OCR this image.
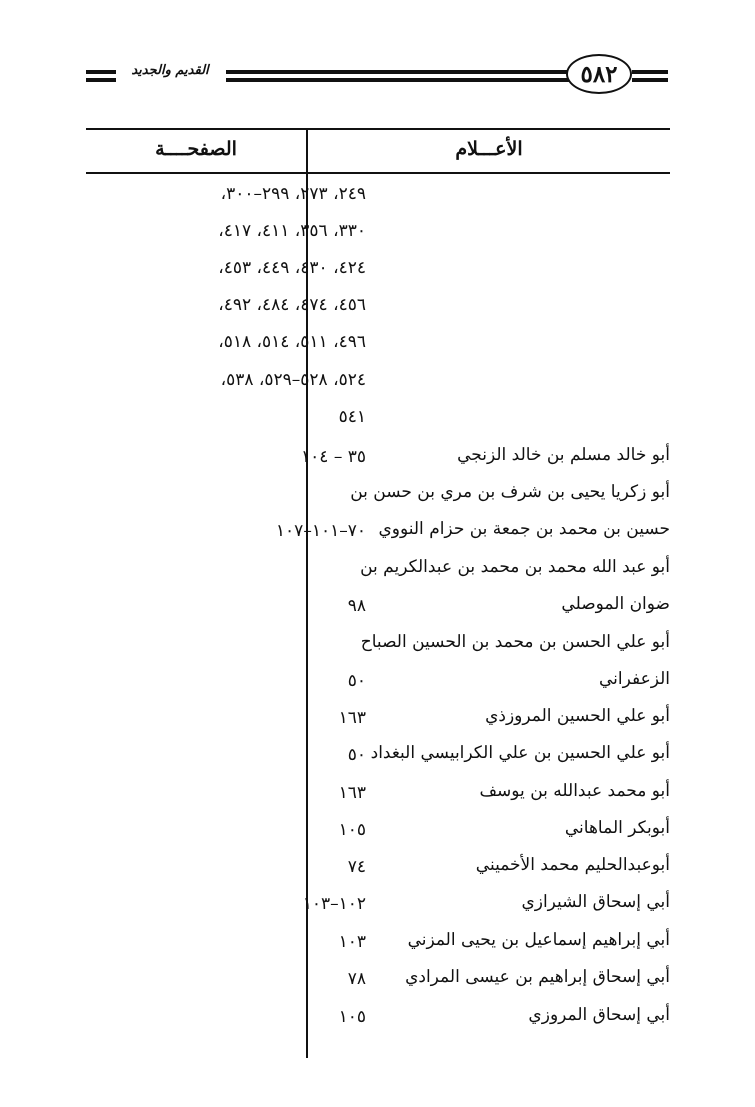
القديم والجديد	٥٨٢
الصفحــــة	الأعـــلام
٢٤٩، ٢٧٣، ٢٩٩–٣٠٠،
٣٣٠، ٣٥٦، ٤١١، ٤١٧،
٤٢٤، ٤٣٠، ٤٤٩، ٤٥٣،
٤٥٦، ٤٧٤، ٤٨٤، ٤٩٢،
٤٩٦، ٥١١، ٥١٤، ٥١٨،
٥٢٤، ٥٢٨–٥٢٩، ٥٣٨،
٥٤١
أبو خالد مسلم بن خالد الزنجي
٣٥ – ١٠٤
أبو زكريا يحيى بن شرف بن مري بن حسن بن
حسين بن محمد بن جمعة بن حزام النووي
٧٠–١٠١–١٠٧
أبو عبد الله محمد بن محمد بن عبدالكريم بن
ضوان الموصلي
٩٨
أبو علي الحسن بن محمد بن الحسين الصباح
الزعفراني
٥٠
أبو علي الحسين المروزذي
١٦٣
أبو علي الحسين بن علي الكرابيسي البغداد
٥٠
أبو محمد عبدالله بن يوسف
١٦٣
أبوبكر الماهاني
١٠٥
أبوعبدالحليم محمد الأخميني
٧٤
أبي إسحاق الشيرازي
١٠٢–١٠٣
أبي إبراهيم إسماعيل بن يحيى المزني
١٠٣
أبي إسحاق إبراهيم بن عيسى المرادي
٧٨
أبي إسحاق المروزي
١٠٥
